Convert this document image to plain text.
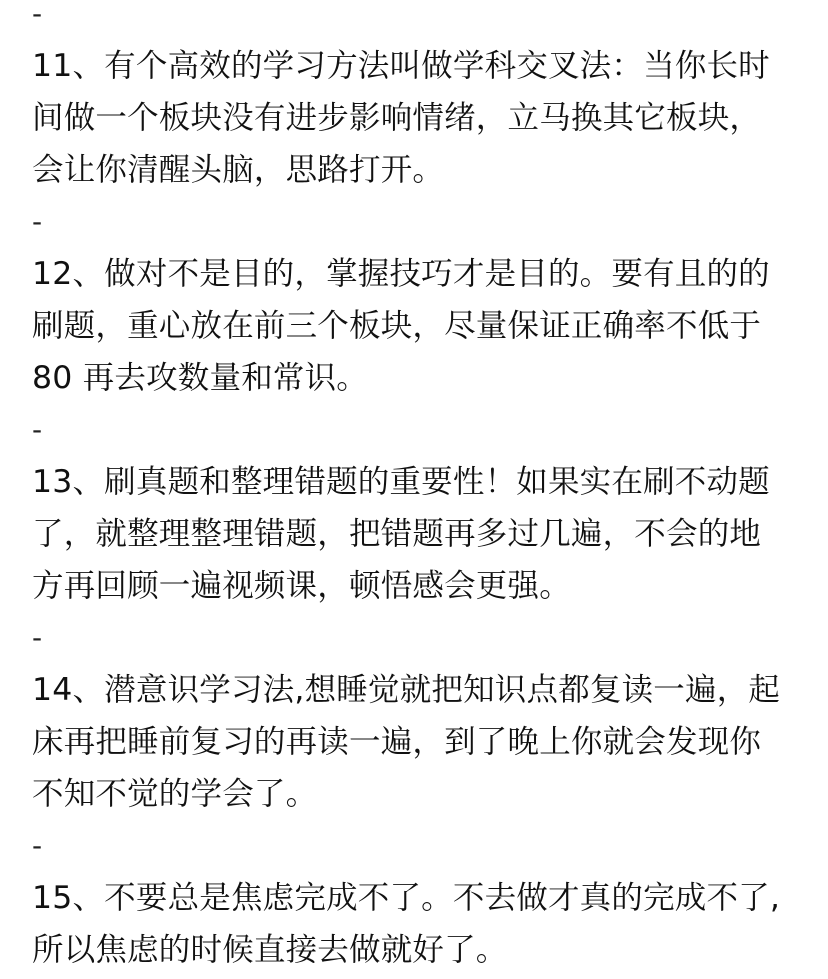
-
11、有个高效的学习方法叫做学科交叉法：当你长时
间做一个板块没有进步影响情绪，立马换其它板块，
会让你清醒头脑，思路打开。
-
12、做对不是目的，掌握技巧才是目的。要有且的的
刷题，重心放在前三个板块，尽量保证正确率不低于
80 再去攻数量和常识。
-
13、刷真题和整理错题的重要性！如果实在刷不动题
了，就整理整理错题，把错题再多过几遍，不会的地
方再回顾一遍视频课，顿悟感会更强。
-
14、潜意识学习法,想睡觉就把知识点都复读一遍，起
床再把睡前复习的再读一遍，到了晚上你就会发现你
不知不觉的学会了。
-
15、不要总是焦虑完成不了。不去做才真的完成不了,
所以焦虑的时候直接去做就好了。
